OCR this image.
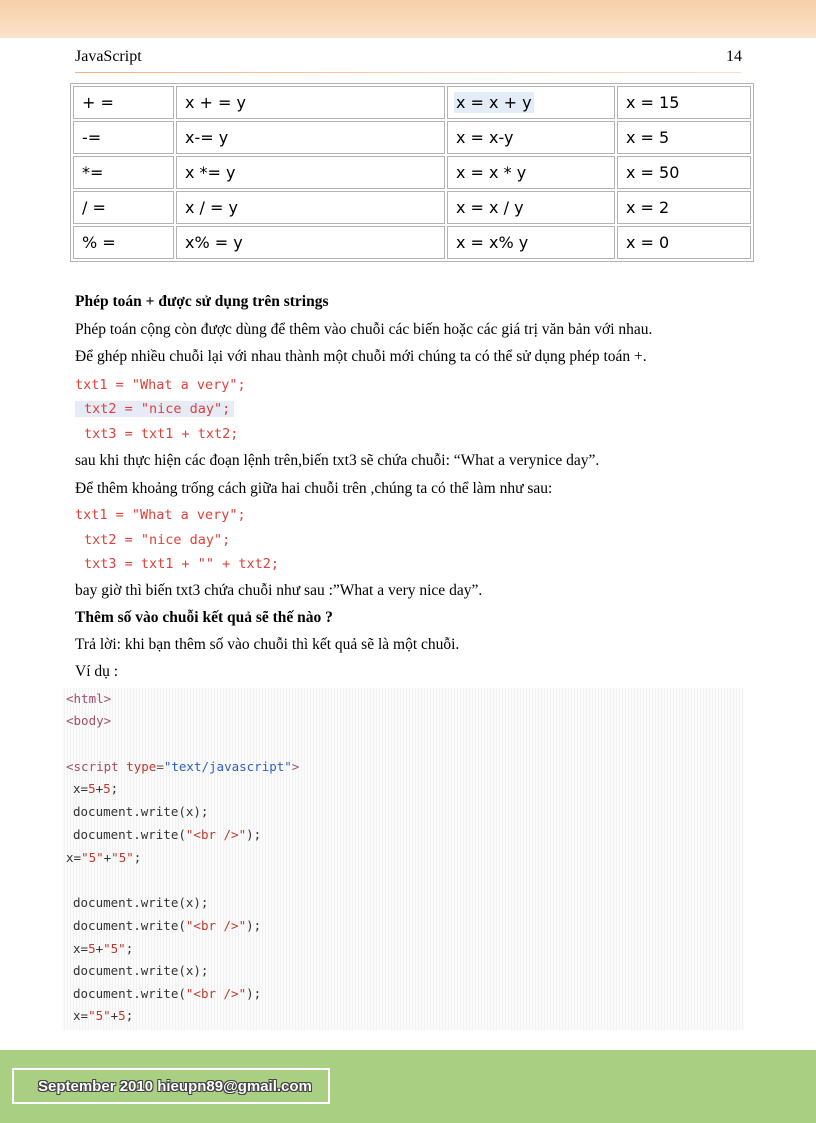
JavaScript	14
+ =	x + = y	x = x + y	x = 15
-=	x-= y	x = x-y	x = 5
*=	x *= y	x = x * y	x = 50
/ =	x / = y	x = x / y	x = 2
% =	x% = y	x = x% y	x = 0
Phép toán + được sử dụng trên strings
Phép toán cộng còn được dùng để thêm vào chuỗi các biến hoặc các giá trị văn bản với nhau.
Để ghép nhiều chuỗi lại với nhau thành một chuỗi mới chúng ta có thể sử dụng phép toán +.
txt1 = "What a very";
txt2 = "nice day";
txt3 = txt1 + txt2;
sau khi thực hiện các đoạn lệnh trên,biến txt3 sẽ chứa chuỗi: “What a verynice day”.
Để thêm khoảng trống cách giữa hai chuỗi trên ,chúng ta có thể làm như sau:
txt1 = "What a very";
txt2 = "nice day";
txt3 = txt1 + "" + txt2;
bay giờ thì biến txt3 chứa chuỗi như sau :”What a very nice day”.
Thêm số vào chuỗi kết quả sẽ thế nào ?
Trả lời: khi bạn thêm số vào chuỗi thì kết quả sẽ là một chuỗi.
Ví dụ :
<html>
<body>
<script type="text/javascript">
x=5+5;
document.write(x);
document.write("<br />");
x="5"+"5";
document.write(x);
document.write("<br />");
x=5+"5";
document.write(x);
document.write("<br />");
x="5"+5;
September 2010 hieupn89@gmail.com
